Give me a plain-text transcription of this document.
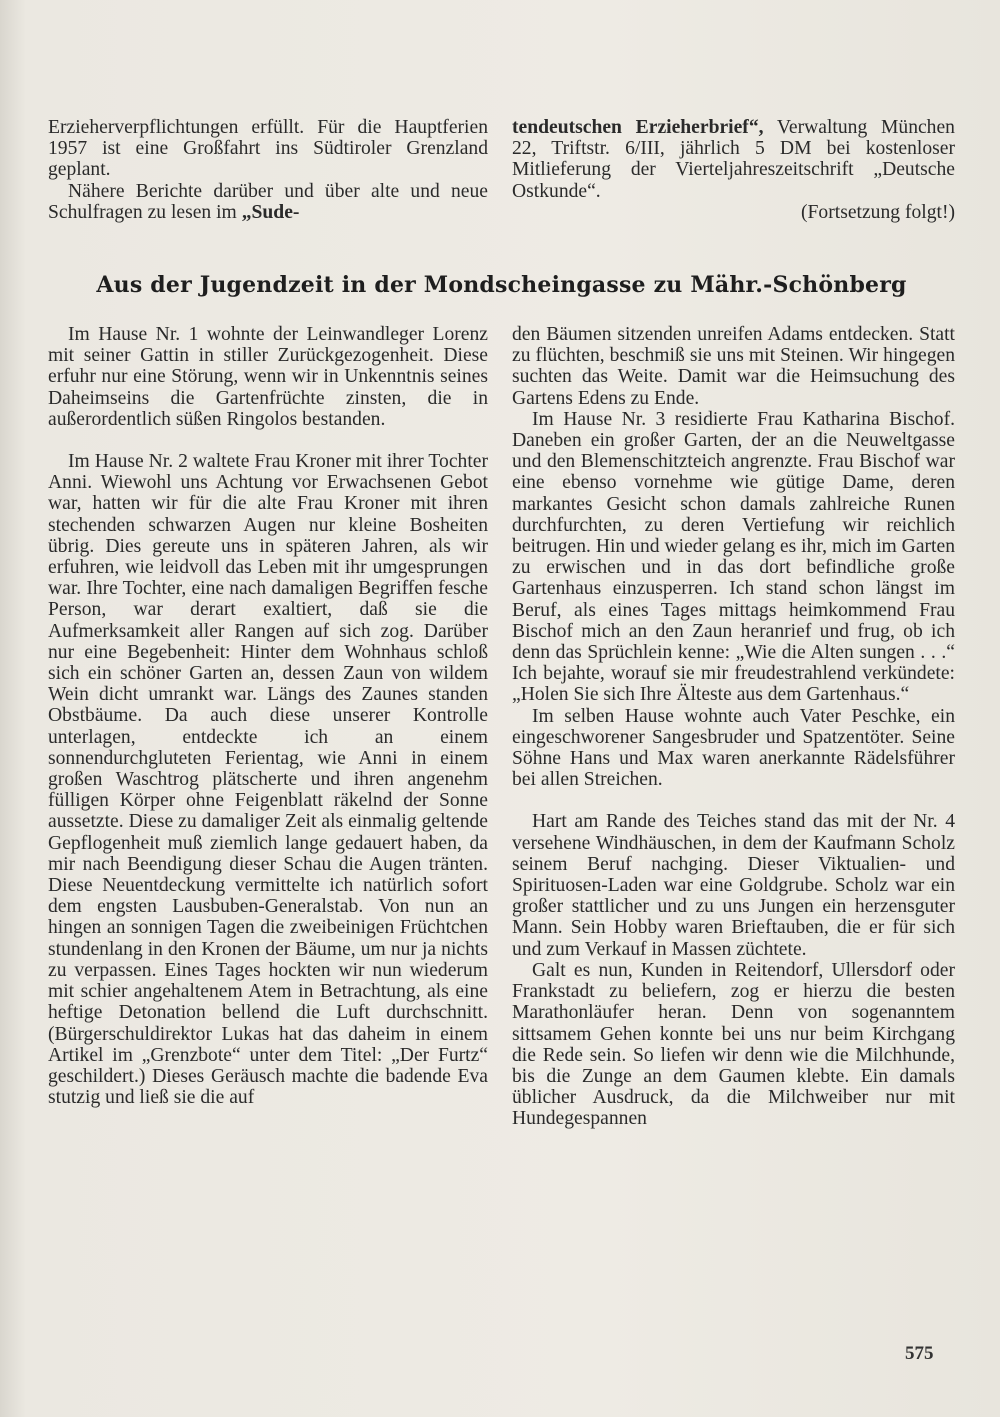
Erzieherverpflichtungen erfüllt. Für die Hauptferien 1957 ist eine Großfahrt ins Südtiroler Grenzland geplant.

Nähere Berichte darüber und über alte und neue Schulfragen zu lesen im „Sude-

tendeutschen Erzieherbrief“, Verwaltung München 22, Triftstr. 6/III, jährlich 5 DM bei kostenloser Mitlieferung der Vierteljahreszeitschrift „Deutsche Ostkunde“.

(Fortsetzung folgt!)

Aus der Jugendzeit in der Mondscheingasse zu Mähr.-Schönberg

Im Hause Nr. 1 wohnte der Leinwandleger Lorenz mit seiner Gattin in stiller Zurückgezogenheit. Diese erfuhr nur eine Störung, wenn wir in Unkenntnis seines Daheimseins die Gartenfrüchte zinsten, die in außerordentlich süßen Ringolos bestanden.

Im Hause Nr. 2 waltete Frau Kroner mit ihrer Tochter Anni. Wiewohl uns Achtung vor Erwachsenen Gebot war, hatten wir für die alte Frau Kroner mit ihren stechenden schwarzen Augen nur kleine Bosheiten übrig. Dies gereute uns in späteren Jahren, als wir erfuhren, wie leidvoll das Leben mit ihr umgesprungen war. Ihre Tochter, eine nach damaligen Begriffen fesche Person, war derart exaltiert, daß sie die Aufmerksamkeit aller Rangen auf sich zog. Darüber nur eine Begebenheit: Hinter dem Wohnhaus schloß sich ein schöner Garten an, dessen Zaun von wildem Wein dicht umrankt war. Längs des Zaunes standen Obstbäume. Da auch diese unserer Kontrolle unterlagen, entdeckte ich an einem sonnendurchgluteten Ferientag, wie Anni in einem großen Waschtrog plätscherte und ihren angenehm fülligen Körper ohne Feigenblatt räkelnd der Sonne aussetzte. Diese zu damaliger Zeit als einmalig geltende Gepflogenheit muß ziemlich lange gedauert haben, da mir nach Beendigung dieser Schau die Augen tränten. Diese Neuentdeckung vermittelte ich natürlich sofort dem engsten Lausbuben-Generalstab. Von nun an hingen an sonnigen Tagen die zweibeinigen Früchtchen stundenlang in den Kronen der Bäume, um nur ja nichts zu verpassen. Eines Tages hockten wir nun wiederum mit schier angehaltenem Atem in Betrachtung, als eine heftige Detonation bellend die Luft durchschnitt. (Bürgerschuldirektor Lukas hat das daheim in einem Artikel im „Grenzbote“ unter dem Titel: „Der Furtz“ geschildert.) Dieses Geräusch machte die badende Eva stutzig und ließ sie die auf

den Bäumen sitzenden unreifen Adams entdecken. Statt zu flüchten, beschmiß sie uns mit Steinen. Wir hingegen suchten das Weite. Damit war die Heimsuchung des Gartens Edens zu Ende.

Im Hause Nr. 3 residierte Frau Katharina Bischof. Daneben ein großer Garten, der an die Neuweltgasse und den Blemenschitzteich angrenzte. Frau Bischof war eine ebenso vornehme wie gütige Dame, deren markantes Gesicht schon damals zahlreiche Runen durchfurchten, zu deren Vertiefung wir reichlich beitrugen. Hin und wieder gelang es ihr, mich im Garten zu erwischen und in das dort befindliche große Gartenhaus einzusperren. Ich stand schon längst im Beruf, als eines Tages mittags heimkommend Frau Bischof mich an den Zaun heranrief und frug, ob ich denn das Sprüchlein kenne: „Wie die Alten sungen . . .“ Ich bejahte, worauf sie mir freudestrahlend verkündete: „Holen Sie sich Ihre Älteste aus dem Gartenhaus.“

Im selben Hause wohnte auch Vater Peschke, ein eingeschworener Sangesbruder und Spatzentöter. Seine Söhne Hans und Max waren anerkannte Rädelsführer bei allen Streichen.

Hart am Rande des Teiches stand das mit der Nr. 4 versehene Windhäuschen, in dem der Kaufmann Scholz seinem Beruf nachging. Dieser Viktualien- und Spirituosen-Laden war eine Goldgrube. Scholz war ein großer stattlicher und zu uns Jungen ein herzensguter Mann. Sein Hobby waren Brieftauben, die er für sich und zum Verkauf in Massen züchtete.

Galt es nun, Kunden in Reitendorf, Ullersdorf oder Frankstadt zu beliefern, zog er hierzu die besten Marathonläufer heran. Denn von sogenanntem sittsamem Gehen konnte bei uns nur beim Kirchgang die Rede sein. So liefen wir denn wie die Milchhunde, bis die Zunge an dem Gaumen klebte. Ein damals üblicher Ausdruck, da die Milchweiber nur mit Hundegespannen

575
